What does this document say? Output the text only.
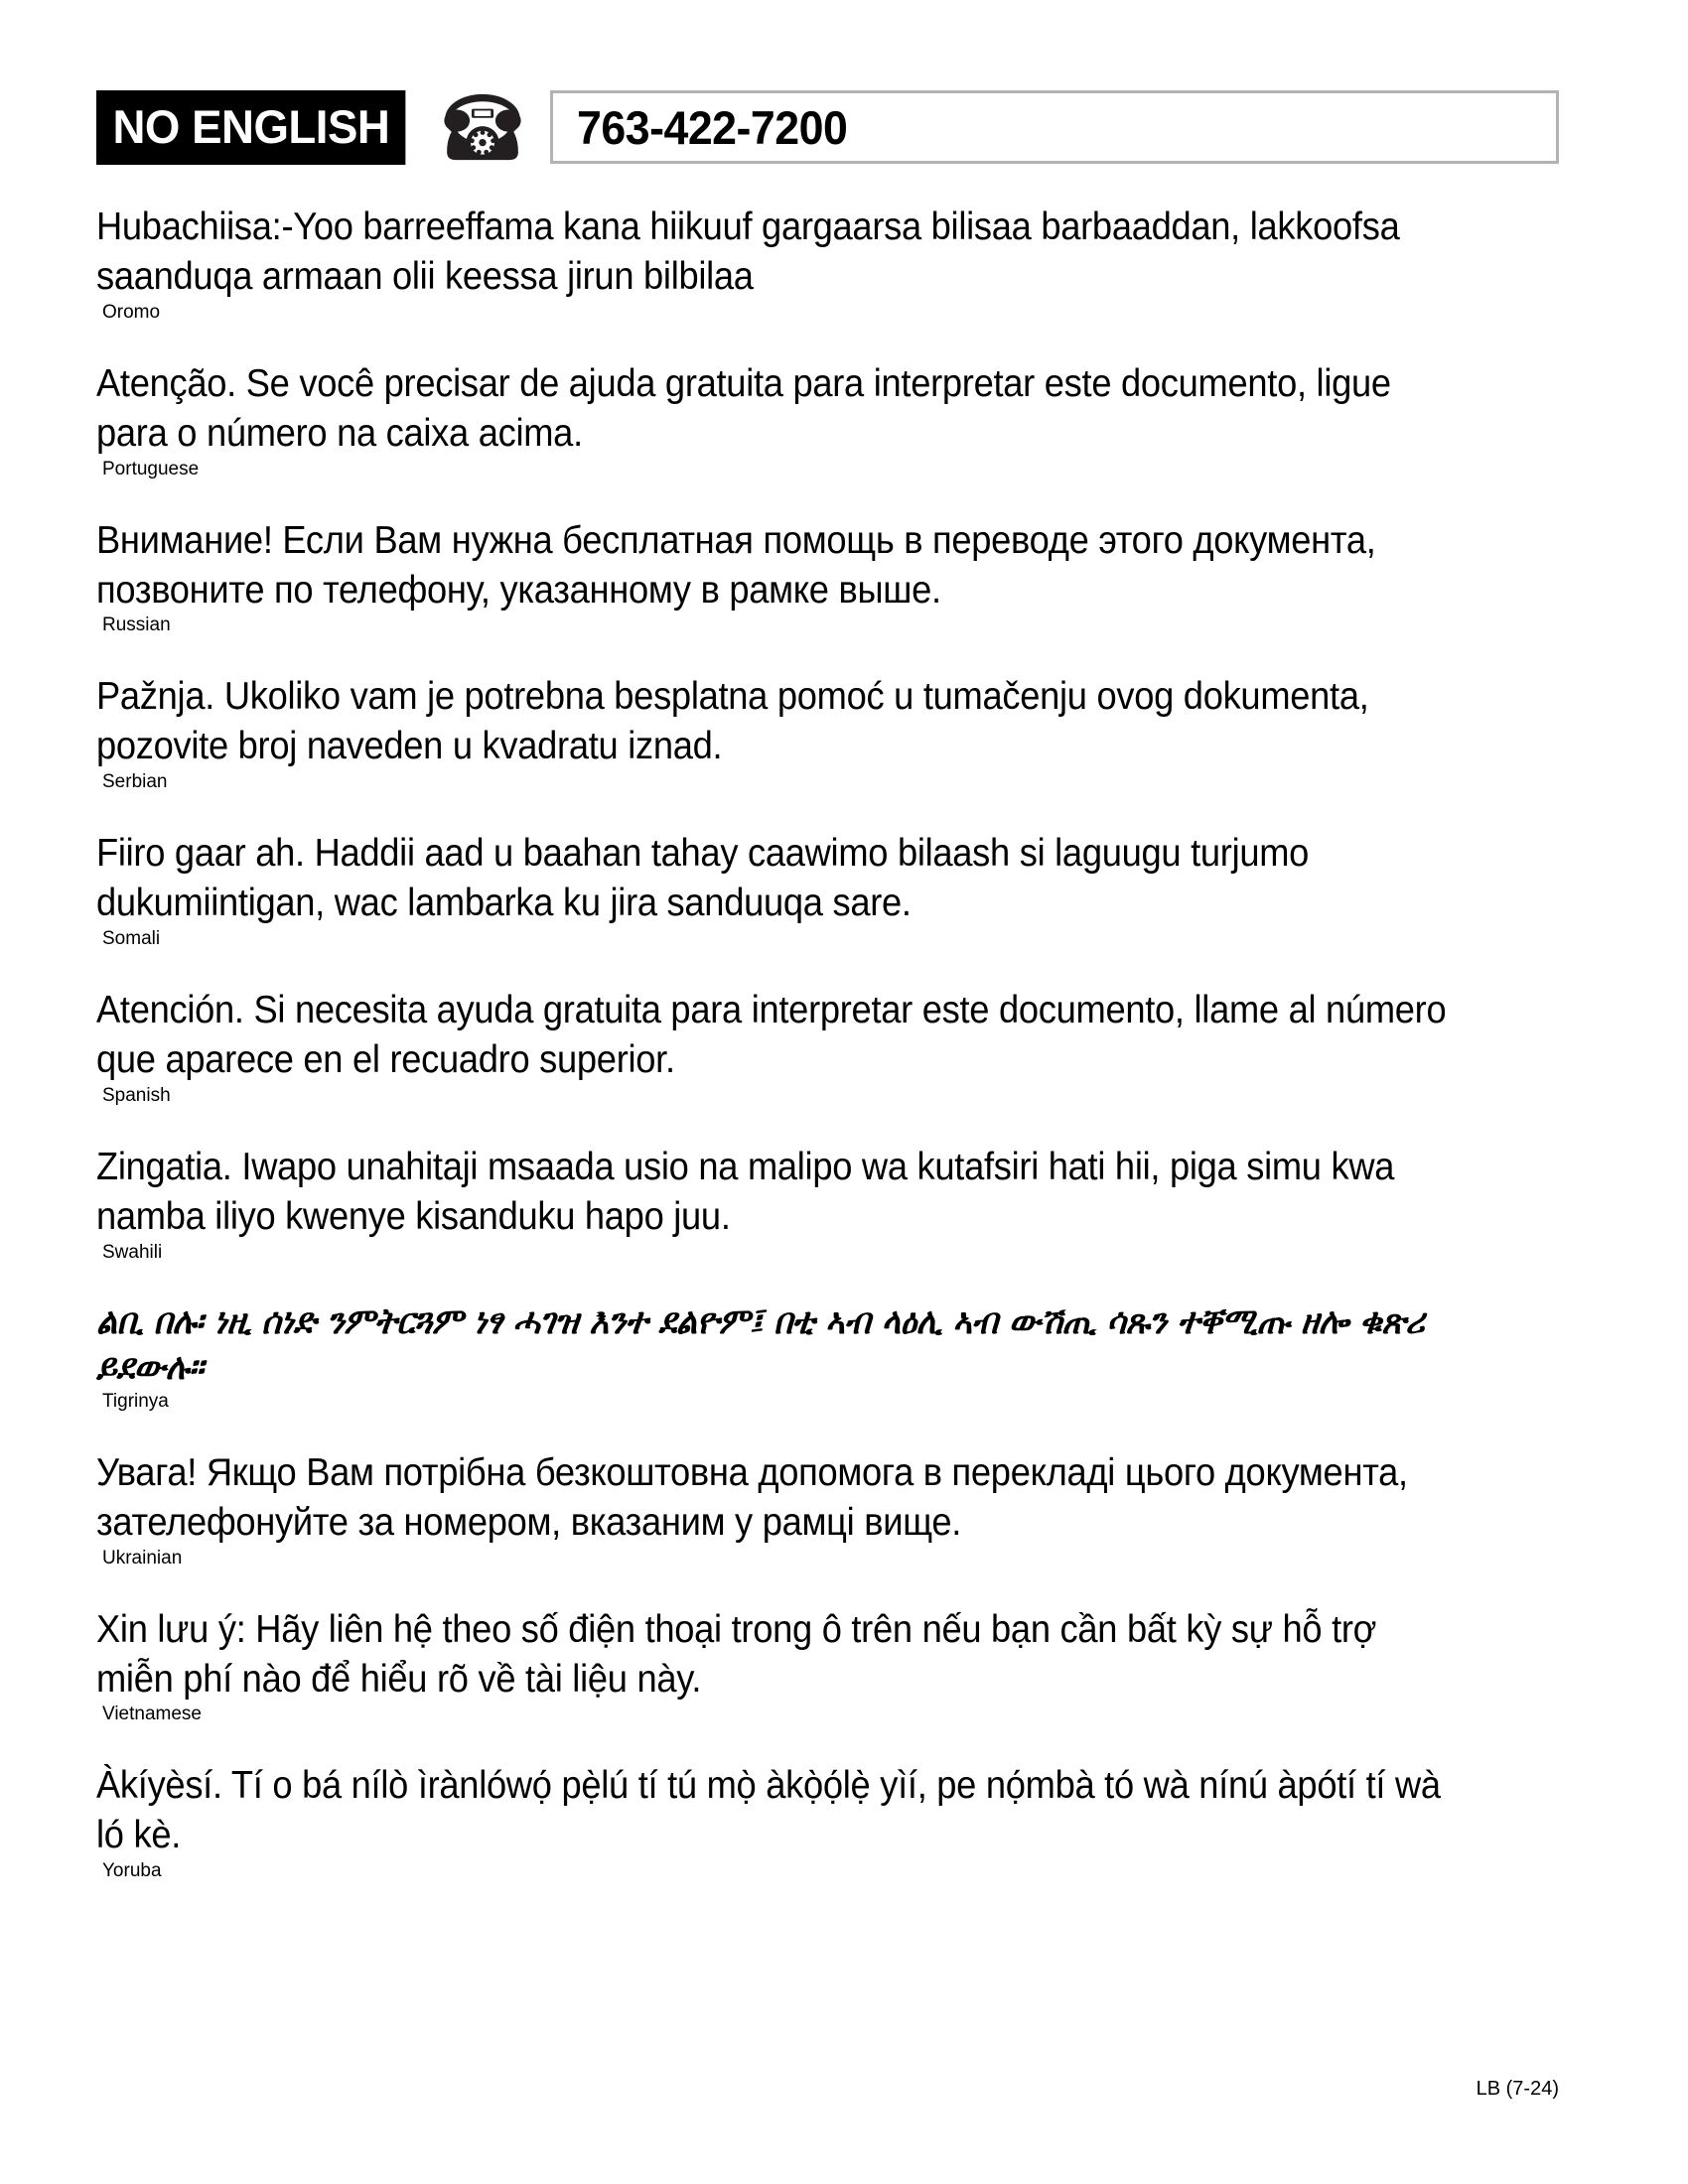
NO ENGLISH	763-422-7200
Hubachiisa:-Yoo barreeffama kana hiikuuf gargaarsa bilisaa barbaaddan, lakkoofsa saanduqa armaan olii keessa jirun bilbilaa
Oromo
Atenção. Se você precisar de ajuda gratuita para interpretar este documento, ligue para o número na caixa acima.
Portuguese
Внимание! Если Вам нужна бесплатная помощь в переводе этого документа, позвоните по телефону, указанному в рамке выше.
Russian
Pažnja. Ukoliko vam je potrebna besplatna pomoć u tumačenju ovog dokumenta, pozovite broj naveden u kvadratu iznad.
Serbian
Fiiro gaar ah. Haddii aad u baahan tahay caawimo bilaash si laguugu turjumo dukumiintigan, wac lambarka ku jira sanduuqa sare.
Somali
Atención. Si necesita ayuda gratuita para interpretar este documento, llame al número que aparece en el recuadro superior.
Spanish
Zingatia. Iwapo unahitaji msaada usio na malipo wa kutafsiri hati hii, piga simu kwa namba iliyo kwenye kisanduku hapo juu.
Swahili
ልቢ በሉ፡ ነዚ ሰነድ ንምትርጓም ነፃ ሓገዝ እንተ ደልዮም፤ በቲ ኣብ ላዕሊ ኣብ ውሽጢ ሳጹን ተቐሚጡ ዘሎ ቁጽሪ ይደውሉ፡፡
Tigrinya
Увага! Якщо Вам потрібна безкоштовна допомога в перекладі цього документа, зателефонуйте за номером, вказаним у рамці вище.
Ukrainian
Xin lưu ý: Hãy liên hệ theo số điện thoại trong ô trên nếu bạn cần bất kỳ sự hỗ trợ miễn phí nào để hiểu rõ về tài liệu này.
Vietnamese
Àkíyèsí. Tí o bá nílò ìrànlówọ́ pẹ̀lú tí tú mọ̀ àkọ̀ọ́lẹ̀ yìí, pe nọ́mbà tó wà nínú àpótí tí wà ló kè.
Yoruba
LB (7-24)
